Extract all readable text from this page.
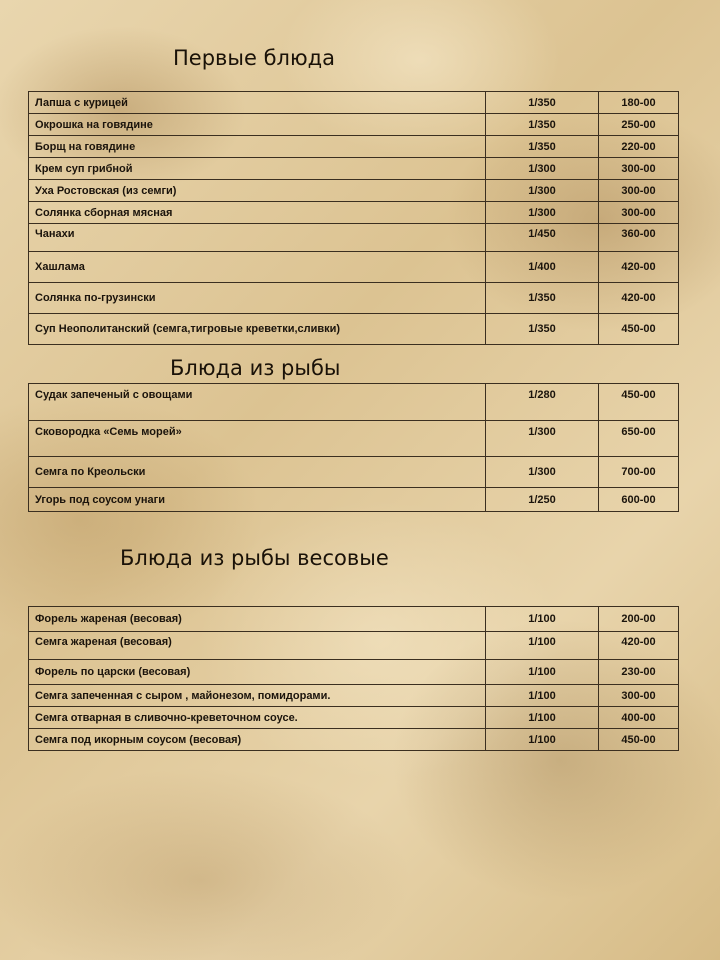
Первые блюда
Лапша с курицей	1/350	180-00
Окрошка на говядине	1/350	250-00
Борщ на говядине	1/350	220-00
Крем суп грибной	1/300	300-00
Уха Ростовская (из семги)	1/300	300-00
Солянка сборная мясная	1/300	300-00
Чанахи	1/450	360-00
Хашлама	1/400	420-00
Солянка по-грузински	1/350	420-00
Суп Неополитанский (семга,тигровые креветки,сливки)	1/350	450-00
Блюда из рыбы
Судак запеченый с овощами	1/280	450-00
Сковородка «Семь морей»	1/300	650-00
Семга по Креольски	1/300	700-00
Угорь под соусом унаги	1/250	600-00
Блюда из рыбы весовые
Форель жареная (весовая)	1/100	200-00
Семга жареная (весовая)	1/100	420-00
Форель по царски (весовая)	1/100	230-00
Семга запеченная с сыром , майонезом, помидорами.	1/100	300-00
Семга отварная в сливочно-креветочном соусе.	1/100	400-00
Семга под икорным соусом (весовая)	1/100	450-00
